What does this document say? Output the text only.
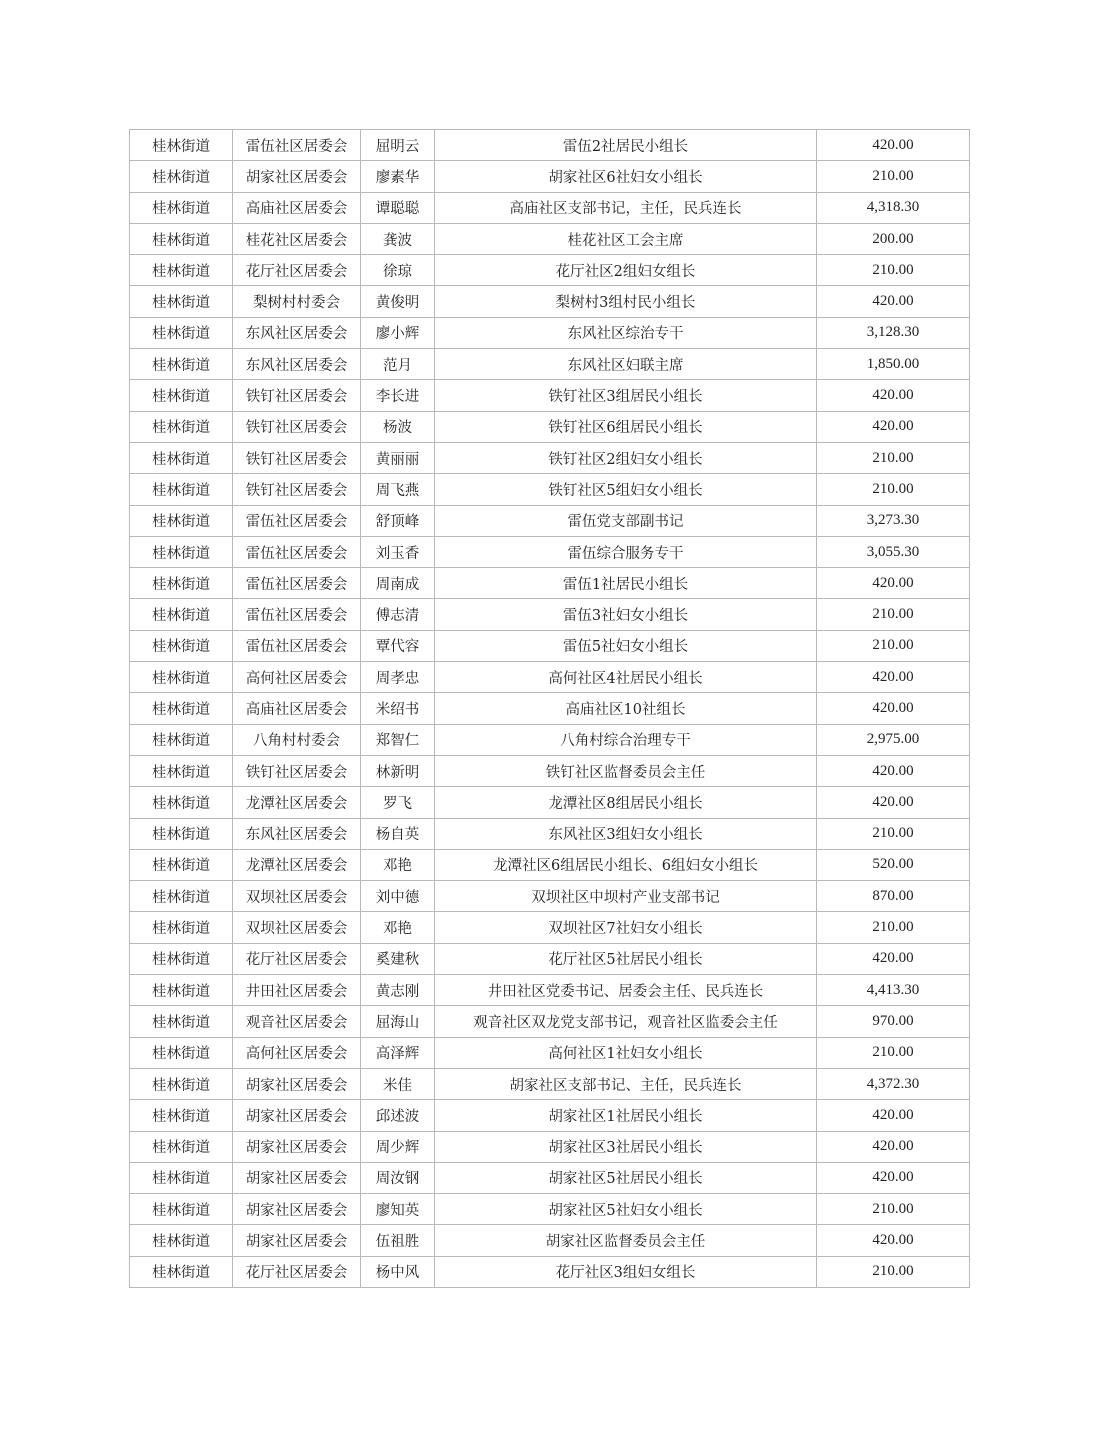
桂林街道	雷伍社区居委会	屈明云	雷伍2社居民小组长	420.00
桂林街道	胡家社区居委会	廖素华	胡家社区6社妇女小组长	210.00
桂林街道	高庙社区居委会	谭聪聪	高庙社区支部书记，主任，民兵连长	4,318.30
桂林街道	桂花社区居委会	龚波	桂花社区工会主席	200.00
桂林街道	花厅社区居委会	徐琼	花厅社区2组妇女组长	210.00
桂林街道	梨树村村委会	黄俊明	梨树村3组村民小组长	420.00
桂林街道	东风社区居委会	廖小辉	东风社区综治专干	3,128.30
桂林街道	东风社区居委会	范月	东风社区妇联主席	1,850.00
桂林街道	铁钉社区居委会	李长进	铁钉社区3组居民小组长	420.00
桂林街道	铁钉社区居委会	杨波	铁钉社区6组居民小组长	420.00
桂林街道	铁钉社区居委会	黄丽丽	铁钉社区2组妇女小组长	210.00
桂林街道	铁钉社区居委会	周飞燕	铁钉社区5组妇女小组长	210.00
桂林街道	雷伍社区居委会	舒顶峰	雷伍党支部副书记	3,273.30
桂林街道	雷伍社区居委会	刘玉香	雷伍综合服务专干	3,055.30
桂林街道	雷伍社区居委会	周南成	雷伍1社居民小组长	420.00
桂林街道	雷伍社区居委会	傅志清	雷伍3社妇女小组长	210.00
桂林街道	雷伍社区居委会	覃代容	雷伍5社妇女小组长	210.00
桂林街道	高何社区居委会	周孝忠	高何社区4社居民小组长	420.00
桂林街道	高庙社区居委会	米绍书	高庙社区10社组长	420.00
桂林街道	八角村村委会	郑智仁	八角村综合治理专干	2,975.00
桂林街道	铁钉社区居委会	林新明	铁钉社区监督委员会主任	420.00
桂林街道	龙潭社区居委会	罗飞	龙潭社区8组居民小组长	420.00
桂林街道	东风社区居委会	杨自英	东风社区3组妇女小组长	210.00
桂林街道	龙潭社区居委会	邓艳	龙潭社区6组居民小组长、6组妇女小组长	520.00
桂林街道	双坝社区居委会	刘中德	双坝社区中坝村产业支部书记	870.00
桂林街道	双坝社区居委会	邓艳	双坝社区7社妇女小组长	210.00
桂林街道	花厅社区居委会	奚建秋	花厅社区5社居民小组长	420.00
桂林街道	井田社区居委会	黄志刚	井田社区党委书记、居委会主任、民兵连长	4,413.30
桂林街道	观音社区居委会	屈海山	观音社区双龙党支部书记，观音社区监委会主任	970.00
桂林街道	高何社区居委会	高泽辉	高何社区1社妇女小组长	210.00
桂林街道	胡家社区居委会	米佳	胡家社区支部书记、主任，民兵连长	4,372.30
桂林街道	胡家社区居委会	邱述波	胡家社区1社居民小组长	420.00
桂林街道	胡家社区居委会	周少辉	胡家社区3社居民小组长	420.00
桂林街道	胡家社区居委会	周汝钢	胡家社区5社居民小组长	420.00
桂林街道	胡家社区居委会	廖知英	胡家社区5社妇女小组长	210.00
桂林街道	胡家社区居委会	伍祖胜	胡家社区监督委员会主任	420.00
桂林街道	花厅社区居委会	杨中风	花厅社区3组妇女组长	210.00
